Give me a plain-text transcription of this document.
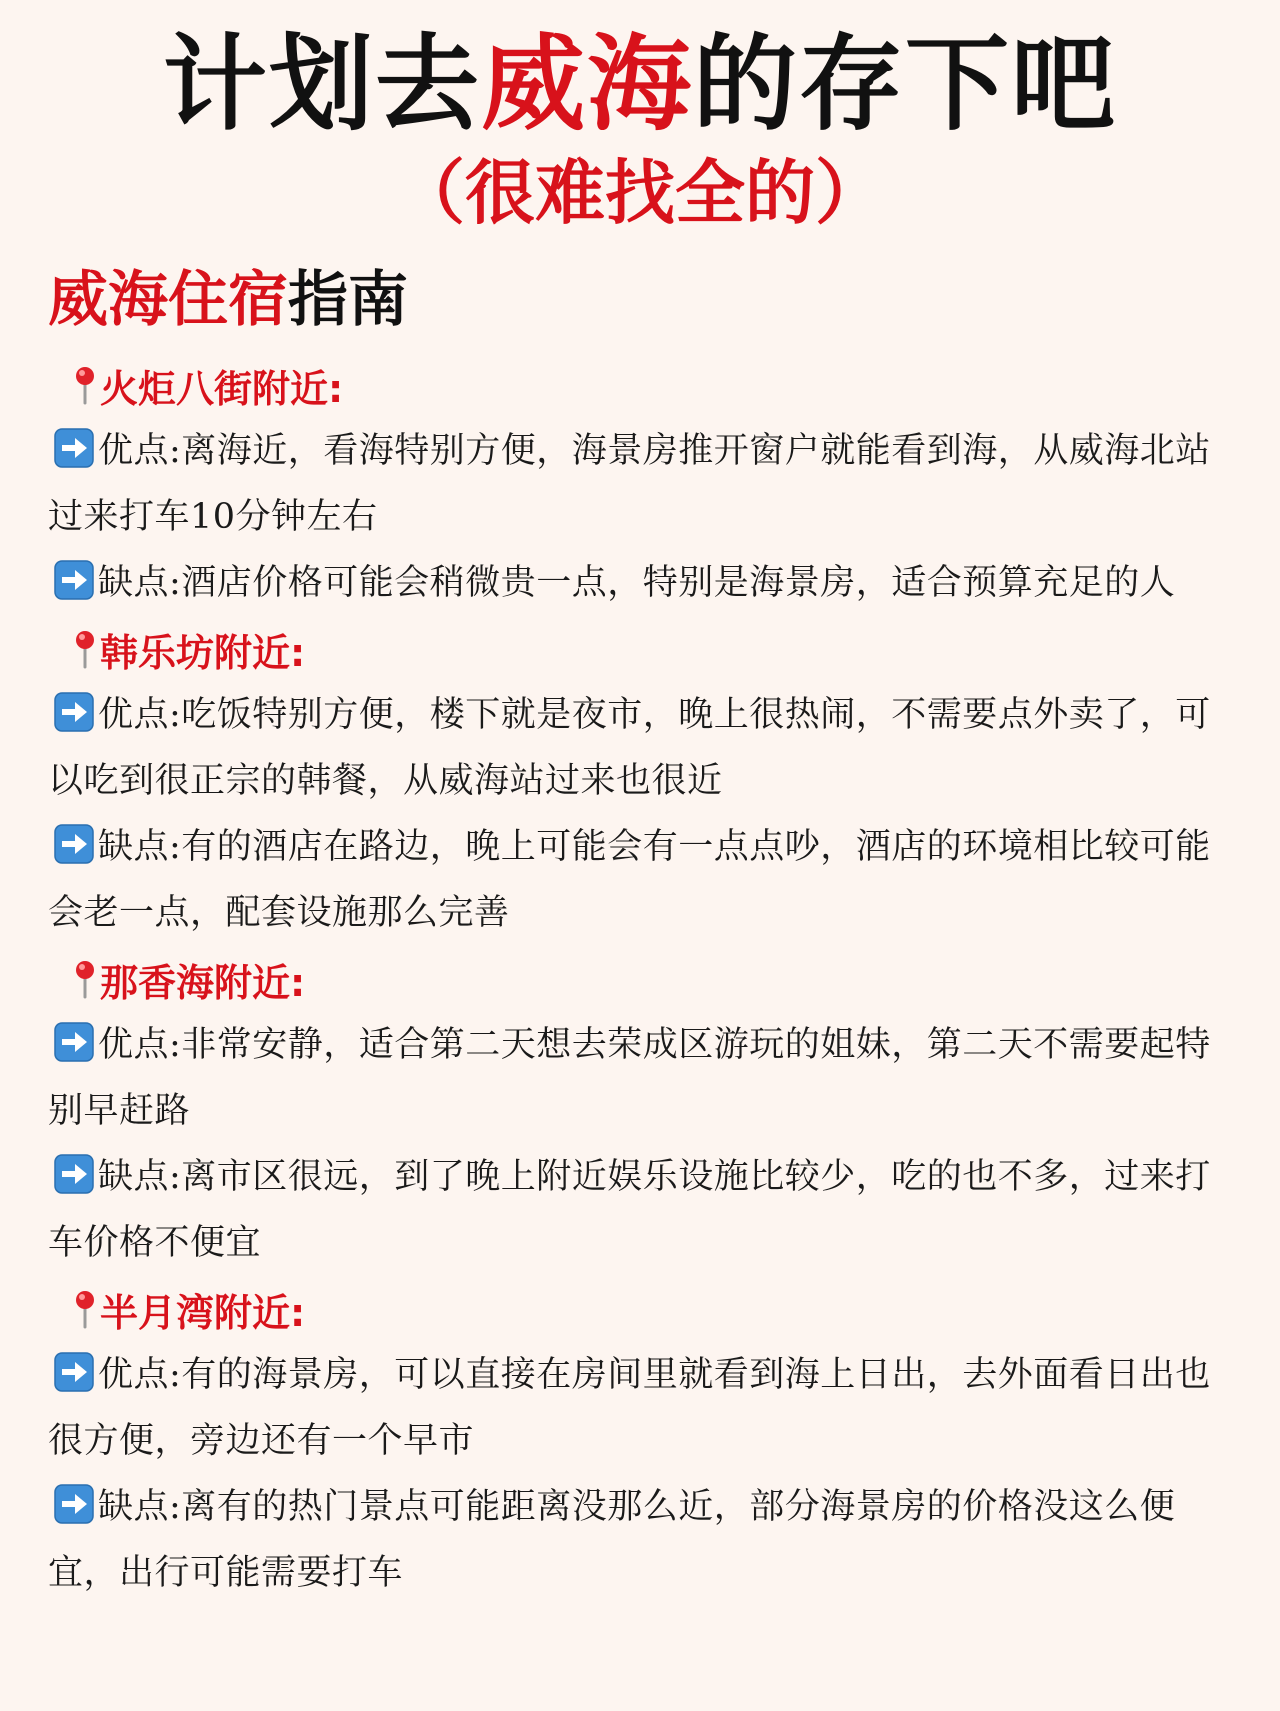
计划去威海的存下吧
（很难找全的）
威海住宿指南
火炬八街附近:
优点:离海近，看海特别方便，海景房推开窗户就能看到海，从威海北站过来打车10分钟左右
缺点:酒店价格可能会稍微贵一点，特别是海景房，适合预算充足的人
韩乐坊附近:
优点:吃饭特别方便，楼下就是夜市，晚上很热闹，不需要点外卖了，可以吃到很正宗的韩餐，从威海站过来也很近
缺点:有的酒店在路边，晚上可能会有一点点吵，酒店的环境相比较可能会老一点，配套设施那么完善
那香海附近:
优点:非常安静，适合第二天想去荣成区游玩的姐妹，第二天不需要起特别早赶路
缺点:离市区很远，到了晚上附近娱乐设施比较少，吃的也不多，过来打车价格不便宜
半月湾附近:
优点:有的海景房，可以直接在房间里就看到海上日出，去外面看日出也很方便，旁边还有一个早市
缺点:离有的热门景点可能距离没那么近，部分海景房的价格没这么便宜，出行可能需要打车
